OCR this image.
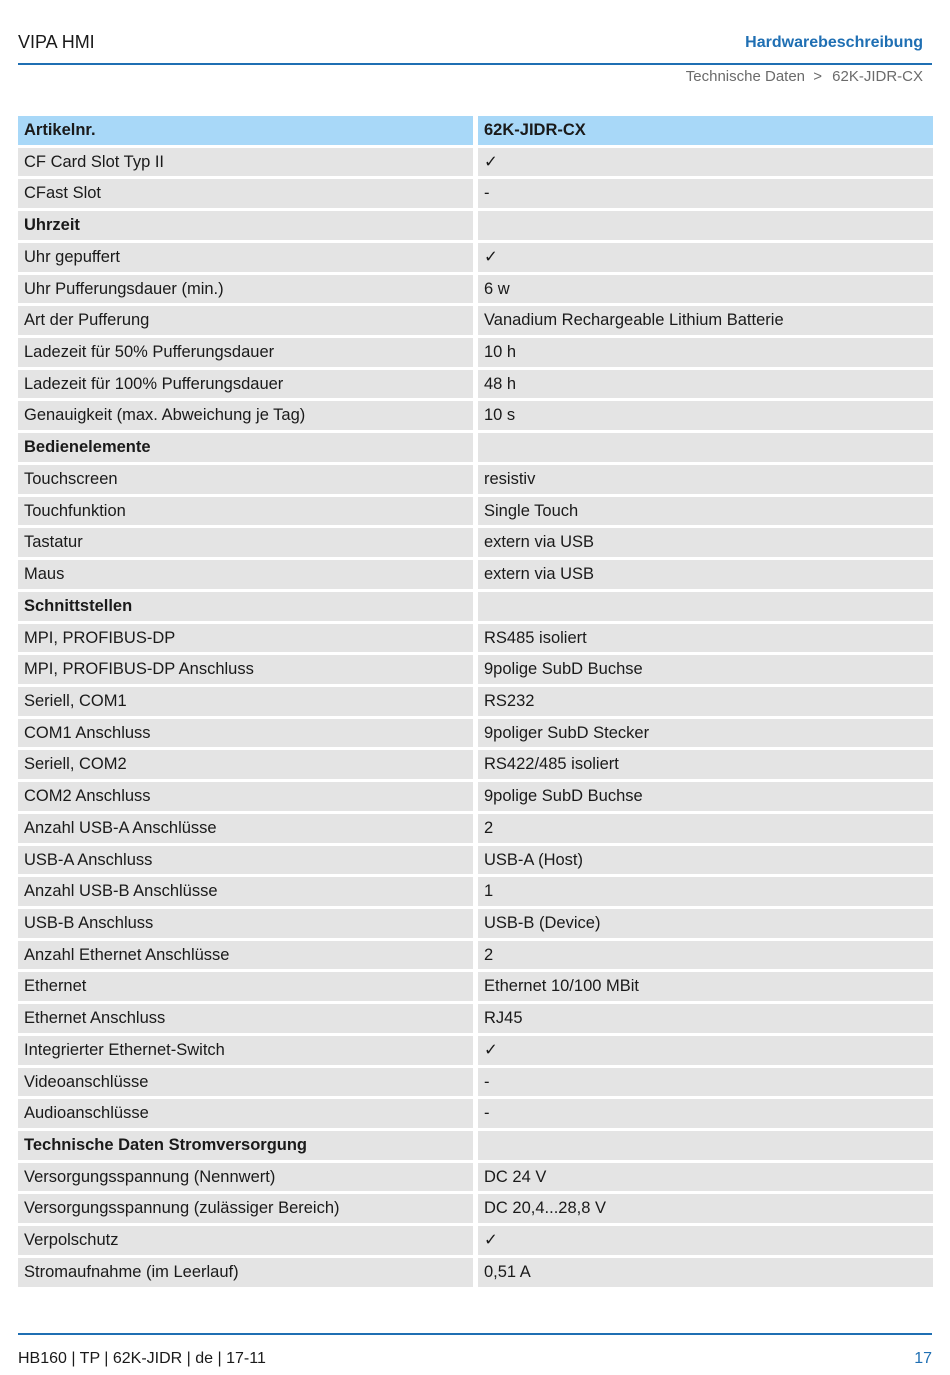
VIPA HMI	Hardwarebeschreibung
Technische Daten > 62K-JIDR-CX
Artikelnr.	62K-JIDR-CX
CF Card Slot Typ II	✓
CFast Slot	-
Uhrzeit
Uhr gepuffert	✓
Uhr Pufferungsdauer (min.)	6 w
Art der Pufferung	Vanadium Rechargeable Lithium Batterie
Ladezeit für 50% Pufferungsdauer	10 h
Ladezeit für 100% Pufferungsdauer	48 h
Genauigkeit (max. Abweichung je Tag)	10 s
Bedienelemente
Touchscreen	resistiv
Touchfunktion	Single Touch
Tastatur	extern via USB
Maus	extern via USB
Schnittstellen
MPI, PROFIBUS-DP	RS485 isoliert
MPI, PROFIBUS-DP Anschluss	9polige SubD Buchse
Seriell, COM1	RS232
COM1 Anschluss	9poliger SubD Stecker
Seriell, COM2	RS422/485 isoliert
COM2 Anschluss	9polige SubD Buchse
Anzahl USB-A Anschlüsse	2
USB-A Anschluss	USB-A (Host)
Anzahl USB-B Anschlüsse	1
USB-B Anschluss	USB-B (Device)
Anzahl Ethernet Anschlüsse	2
Ethernet	Ethernet 10/100 MBit
Ethernet Anschluss	RJ45
Integrierter Ethernet-Switch	✓
Videoanschlüsse	-
Audioanschlüsse	-
Technische Daten Stromversorgung
Versorgungsspannung (Nennwert)	DC 24 V
Versorgungsspannung (zulässiger Bereich)	DC 20,4...28,8 V
Verpolschutz	✓
Stromaufnahme (im Leerlauf)	0,51 A
HB160 | TP | 62K-JIDR | de | 17-11	17
